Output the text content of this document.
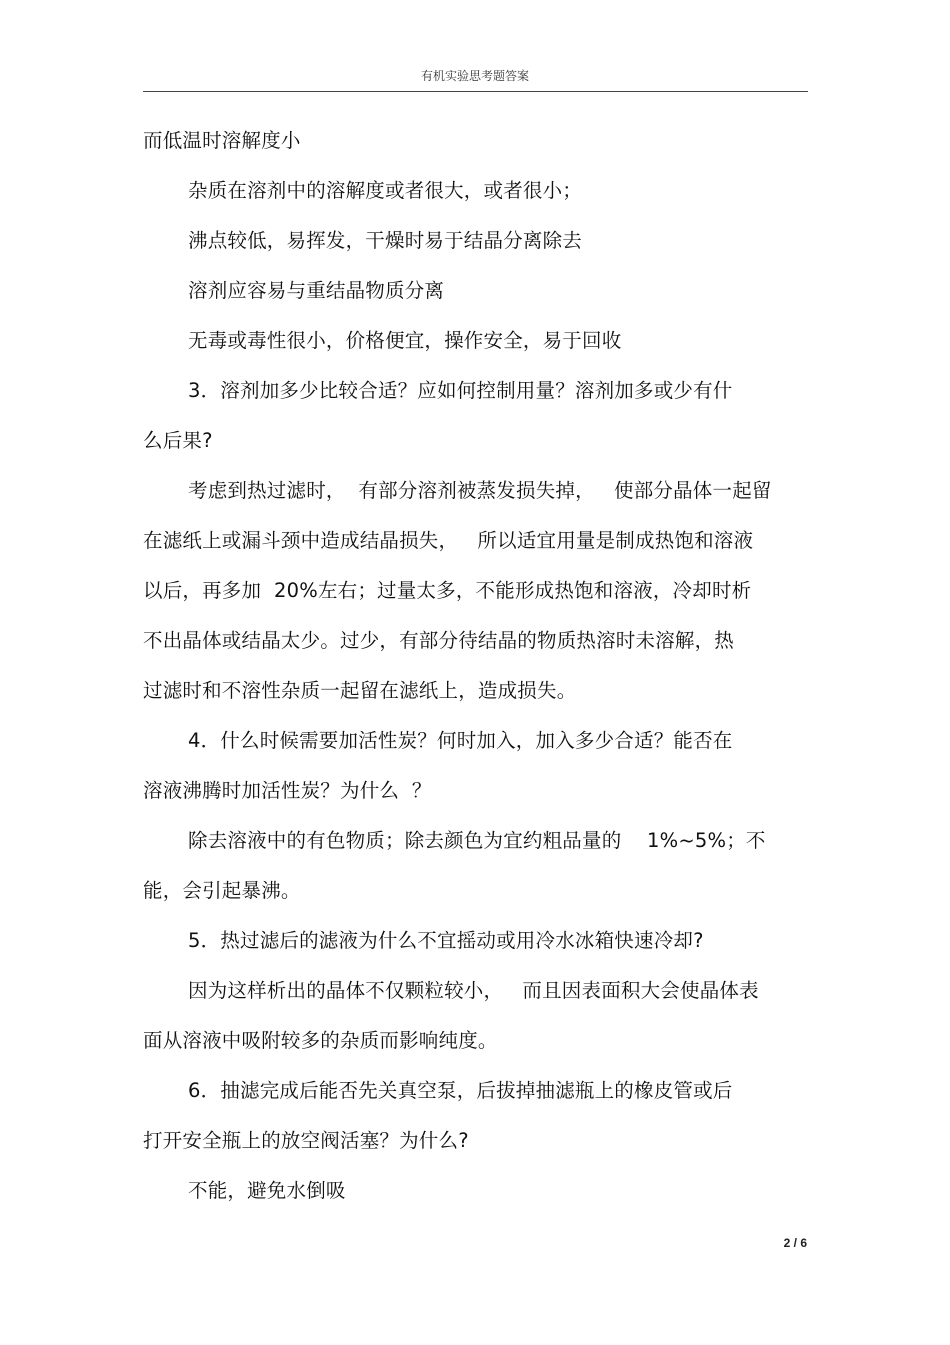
有机实验思考题答案
而低温时溶解度小
杂质在溶剂中的溶解度或者很大，或者很小；
沸点较低，易挥发，干燥时易于结晶分离除去
溶剂应容易与重结晶物质分离
无毒或毒性很小，价格便宜，操作安全，易于回收
3．溶剂加多少比较合适？应如何控制用量？溶剂加多或少有什
么后果?
考虑到热过滤时，  有部分溶剂被蒸发损失掉，   使部分晶体一起留
在滤纸上或漏斗颈中造成结晶损失，   所以适宜用量是制成热饱和溶液
以后，再多加  20%左右；过量太多，不能形成热饱和溶液，冷却时析
不出晶体或结晶太少。过少，有部分待结晶的物质热溶时未溶解，热
过滤时和不溶性杂质一起留在滤纸上，造成损失。
4．什么时候需要加活性炭？何时加入，加入多少合适？能否在
溶液沸腾时加活性炭？为什么  ？
除去溶液中的有色物质；除去颜色为宜约粗品量的    1%~5%；不
能，会引起暴沸。
5．热过滤后的滤液为什么不宜摇动或用冷水冰箱快速冷却?
因为这样析出的晶体不仅颗粒较小，   而且因表面积大会使晶体表
面从溶液中吸附较多的杂质而影响纯度。
6．抽滤完成后能否先关真空泵，后拔掉抽滤瓶上的橡皮管或后
打开安全瓶上的放空阀活塞？为什么?
不能，避免水倒吸
2 / 6
